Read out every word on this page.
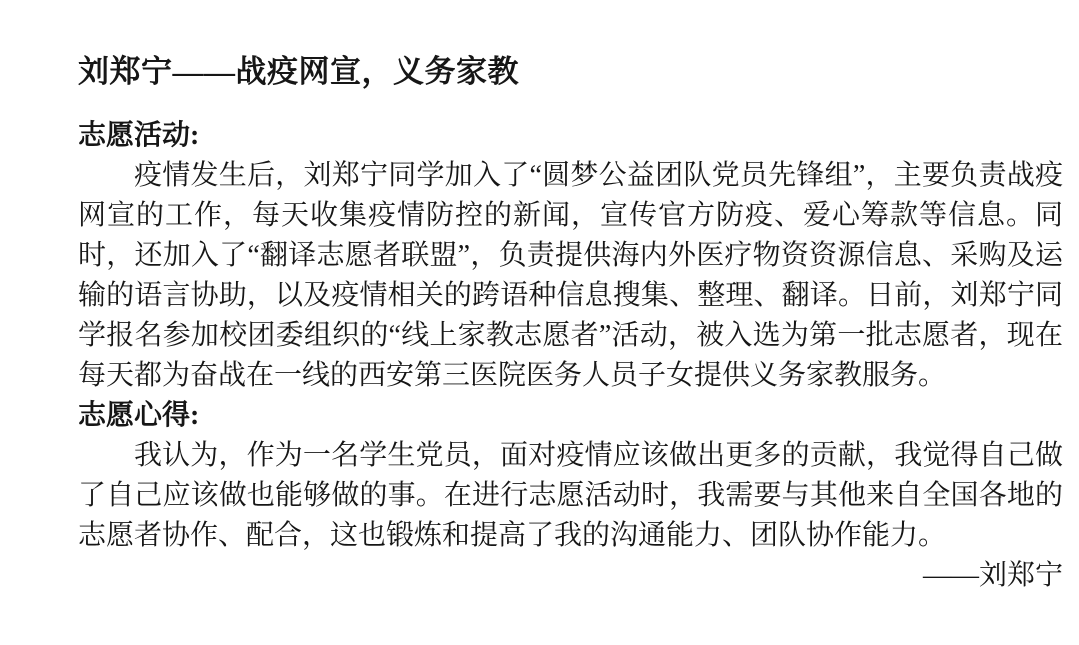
刘郑宁——战疫网宣，义务家教
志愿活动:

疫情发生后，刘郑宁同学加入了“圆梦公益团队党员先锋组”，主要负责战疫网宣的工作，每天收集疫情防控的新闻，宣传官方防疫、爱心筹款等信息。同时，还加入了“翻译志愿者联盟”，负责提供海内外医疗物资资源信息、采购及运输的语言协助，以及疫情相关的跨语种信息搜集、整理、翻译。日前，刘郑宁同学报名参加校团委组织的“线上家教志愿者”活动，被入选为第一批志愿者，现在每天都为奋战在一线的西安第三医院医务人员子女提供义务家教服务。

志愿心得:

我认为，作为一名学生党员，面对疫情应该做出更多的贡献，我觉得自己做了自己应该做也能够做的事。在进行志愿活动时，我需要与其他来自全国各地的志愿者协作、配合，这也锻炼和提高了我的沟通能力、团队协作能力。

——刘郑宁
